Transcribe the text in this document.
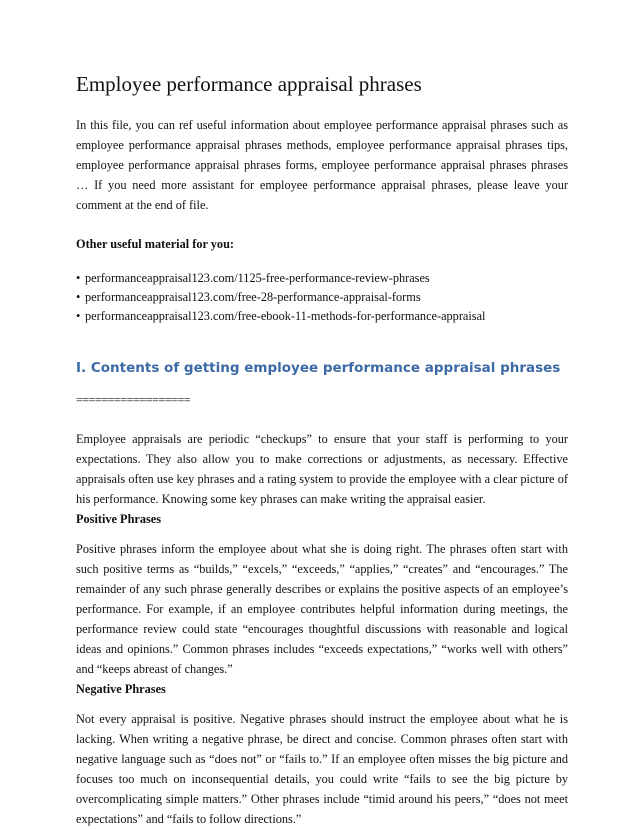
Employee performance appraisal phrases

In this file, you can ref useful information about employee performance appraisal phrases such as employee performance appraisal phrases methods, employee performance appraisal phrases tips, employee performance appraisal phrases forms, employee performance appraisal phrases phrases … If you need more assistant for employee performance appraisal phrases, please leave your comment at the end of file.

Other useful material for you:

• performanceappraisal123.com/1125-free-performance-review-phrases
• performanceappraisal123.com/free-28-performance-appraisal-forms
• performanceappraisal123.com/free-ebook-11-methods-for-performance-appraisal
I. Contents of getting employee performance appraisal phrases
==================

Employee appraisals are periodic “checkups” to ensure that your staff is performing to your expectations. They also allow you to make corrections or adjustments, as necessary. Effective appraisals often use key phrases and a rating system to provide the employee with a clear picture of his performance. Knowing some key phrases can make writing the appraisal easier.

Positive Phrases

Positive phrases inform the employee about what she is doing right. The phrases often start with such positive terms as “builds,” “excels,” “exceeds,” “applies,” “creates” and “encourages.” The remainder of any such phrase generally describes or explains the positive aspects of an employee’s performance. For example, if an employee contributes helpful information during meetings, the performance review could state “encourages thoughtful discussions with reasonable and logical ideas and opinions.” Common phrases includes “exceeds expectations,” “works well with others” and “keeps abreast of changes.”

Negative Phrases

Not every appraisal is positive. Negative phrases should instruct the employee about what he is lacking. When writing a negative phrase, be direct and concise. Common phrases often start with negative language such as “does not” or “fails to.” If an employee often misses the big picture and focuses too much on inconsequential details, you could write “fails to see the big picture by overcomplicating simple matters.” Other phrases include “timid around his peers,” “does not meet expectations” and “fails to follow directions.”
